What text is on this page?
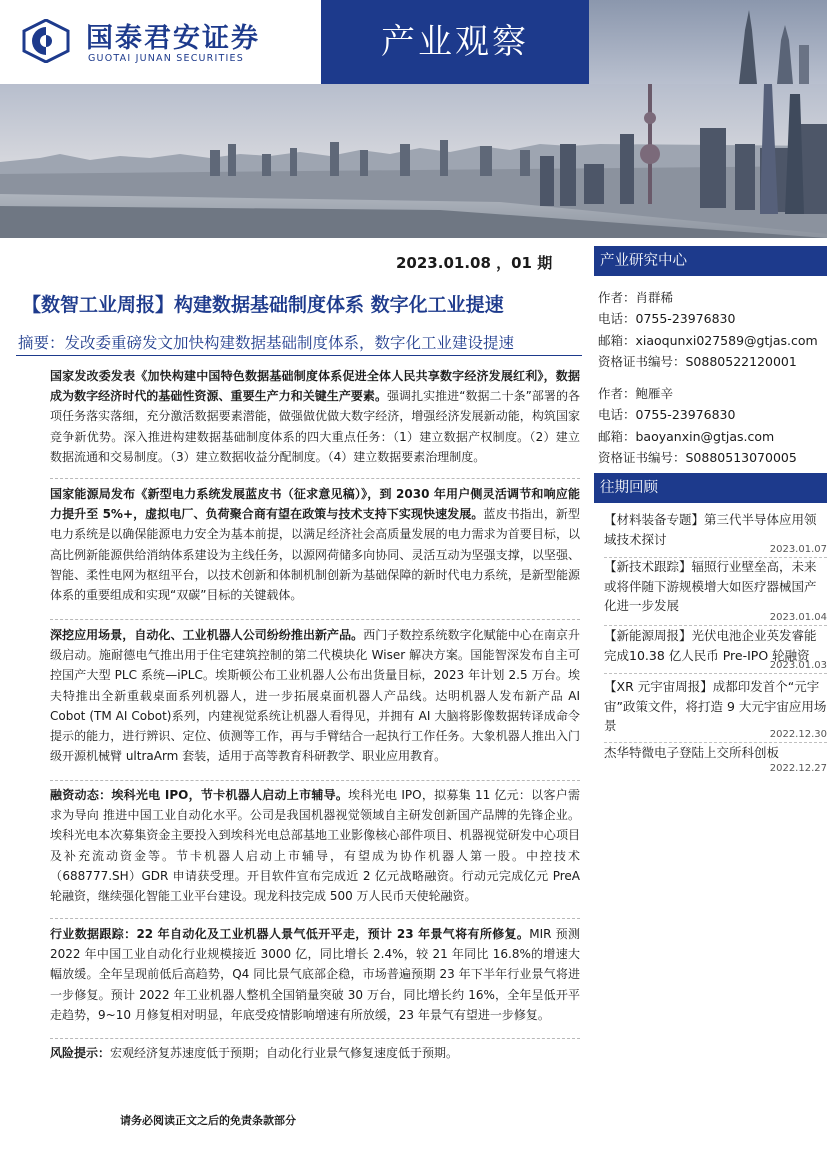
国泰君安证券
GUOTAI JUNAN SECURITIES	产业观察
2023.01.08 ，01 期
【数智工业周报】构建数据基础制度体系 数字化工业提速
摘要：发改委重磅发文加快构建数据基础制度体系，数字化工业建设提速
国家发改委发表《加快构建中国特色数据基础制度体系促进全体人民共享数字经济发展红利》，数据成为数字经济时代的基础性资源、重要生产力和关键生产要素。强调扎实推进“数据二十条”部署的各项任务落实落细，充分激活数据要素潜能，做强做优做大数字经济，增强经济发展新动能，构筑国家竞争新优势。深入推进构建数据基础制度体系的四大重点任务：（1）建立数据产权制度。（2）建立数据流通和交易制度。（3）建立数据收益分配制度。（4）建立数据要素治理制度。
国家能源局发布《新型电力系统发展蓝皮书（征求意见稿）》，到 2030 年用户侧灵活调节和响应能力提升至 5%+，虚拟电厂、负荷聚合商有望在政策与技术支持下实现快速发展。蓝皮书指出，新型电力系统是以确保能源电力安全为基本前提，以满足经济社会高质量发展的电力需求为首要目标，以高比例新能源供给消纳体系建设为主线任务，以源网荷储多向协同、灵活互动为坚强支撑，以坚强、智能、柔性电网为枢纽平台，以技术创新和体制机制创新为基础保障的新时代电力系统，是新型能源体系的重要组成和实现“双碳”目标的关键载体。
深挖应用场景，自动化、工业机器人公司纷纷推出新产品。西门子数控系统数字化赋能中心在南京升级启动。施耐德电气推出用于住宅建筑控制的第二代模块化 Wiser 解决方案。国能智深发布自主可控国产大型 PLC 系统—iPLC。埃斯顿公布工业机器人公布出货量目标，2023 年计划 2.5 万台。埃夫特推出全新重载桌面系列机器人，进一步拓展桌面机器人产品线。达明机器人发布新产品 AI Cobot (TM AI Cobot)系列，内建视觉系统让机器人看得见，并拥有 AI 大脑将影像数据转译成命令提示的能力，进行辨识、定位、侦测等工作，再与手臂结合一起执行工作任务。大象机器人推出入门级开源机械臂 ultraArm 套装，适用于高等教育科研教学、职业应用教育。
融资动态：埃科光电 IPO，节卡机器人启动上市辅导。埃科光电 IPO，拟募集 11 亿元：以客户需求为导向 推进中国工业自动化水平。公司是我国机器视觉领域自主研发创新国产品牌的先锋企业。埃科光电本次募集资金主要投入到埃科光电总部基地工业影像核心部件项目、机器视觉研发中心项目及补充流动资金等。节卡机器人启动上市辅导，有望成为协作机器人第一股。中控技术（688777.SH）GDR 申请获受理。开目软件宣布完成近 2 亿元战略融资。行动元完成亿元 PreA 轮融资，继续强化智能工业平台建设。现龙科技完成 500 万人民币天使轮融资。
行业数据跟踪：22 年自动化及工业机器人景气低开平走，预计 23 年景气将有所修复。MIR 预测 2022 年中国工业自动化行业规模接近 3000 亿，同比增长 2.4%，较 21 年同比 16.8%的增速大幅放缓。全年呈现前低后高趋势，Q4 同比景气底部企稳，市场普遍预期 23 年下半年行业景气将进一步修复。预计 2022 年工业机器人整机全国销量突破 30 万台，同比增长约 16%，全年呈低开平走趋势，9~10 月修复相对明显，年底受疫情影响增速有所放缓，23 年景气有望进一步修复。
风险提示：宏观经济复苏速度低于预期；自动化行业景气修复速度低于预期。
请务必阅读正文之后的免责条款部分
产业研究中心
作者：肖群稀
电话：0755-23976830
邮箱：xiaoqunxi027589@gtjas.com
资格证书编号：S0880522120001
作者：鲍雁辛
电话：0755-23976830
邮箱：baoyanxin@gtjas.com
资格证书编号：S0880513070005
往期回顾
【材料装备专题】第三代半导体应用领域技术探讨
2023.01.07
【新技术跟踪】辐照行业壁垒高，未来或将伴随下游规模增大如医疗器械国产化进一步发展
2023.01.04
【新能源周报】光伏电池企业英发睿能完成10.38 亿人民币 Pre-IPO 轮融资
2023.01.03
【XR 元宇宙周报】成都印发首个“元宇宙”政策文件，将打造 9 大元宇宙应用场景
2022.12.30
杰华特微电子登陆上交所科创板
2022.12.27
